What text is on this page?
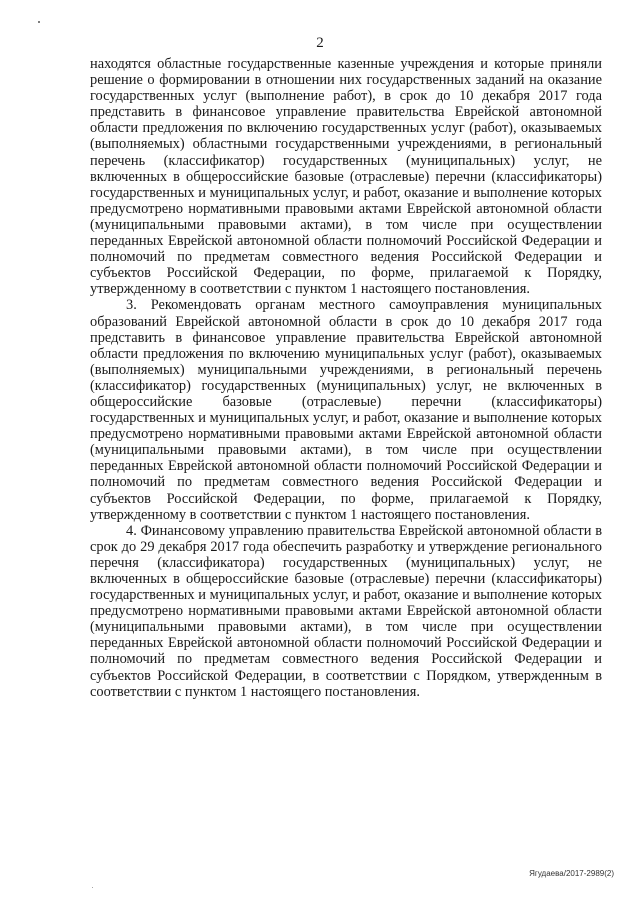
2

находятся областные государственные казенные учреждения и которые приняли решение о формировании в отношении них государственных заданий на оказание государственных услуг (выполнение работ), в срок до 10 декабря 2017 года представить в финансовое управление правительства Еврейской автономной области предложения по включению государственных услуг (работ), оказываемых (выполняемых) областными государственными учреждениями, в региональный перечень (классификатор) государственных (муниципальных) услуг, не включенных в общероссийские базовые (отраслевые) перечни (классификаторы) государственных и муниципальных услуг, и работ, оказание и выполнение которых предусмотрено нормативными правовыми актами Еврейской автономной области (муниципальными правовыми актами), в том числе при осуществлении переданных Еврейской автономной области полномочий Российской Федерации и полномочий по предметам совместного ведения Российской Федерации и субъектов Российской Федерации, по форме, прилагаемой к Порядку, утвержденному в соответствии с пунктом 1 настоящего постановления.

3. Рекомендовать органам местного самоуправления муниципальных образований Еврейской автономной области в срок до 10 декабря 2017 года представить в финансовое управление правительства Еврейской автономной области предложения по включению муниципальных услуг (работ), оказываемых (выполняемых) муниципальными учреждениями, в региональный перечень (классификатор) государственных (муниципальных) услуг, не включенных в общероссийские базовые (отраслевые) перечни (классификаторы) государственных и муниципальных услуг, и работ, оказание и выполнение которых предусмотрено нормативными правовыми актами Еврейской автономной области (муниципальными правовыми актами), в том числе при осуществлении переданных Еврейской автономной области полномочий Российской Федерации и полномочий по предметам совместного ведения Российской Федерации и субъектов Российской Федерации, по форме, прилагаемой к Порядку, утвержденному в соответствии с пунктом 1 настоящего постановления.

4. Финансовому управлению правительства Еврейской автономной области в срок до 29 декабря 2017 года обеспечить разработку и утверждение регионального перечня (классификатора) государственных (муниципальных) услуг, не включенных в общероссийские базовые (отраслевые) перечни (классификаторы) государственных и муниципальных услуг, и работ, оказание и выполнение которых предусмотрено нормативными правовыми актами Еврейской автономной области (муниципальными правовыми актами), в том числе при осуществлении переданных Еврейской автономной области полномочий Российской Федерации и полномочий по предметам совместного ведения Российской Федерации и субъектов Российской Федерации, в соответствии с Порядком, утвержденным в соответствии с пунктом 1 настоящего постановления.

Ягудаева/2017-2989(2)
